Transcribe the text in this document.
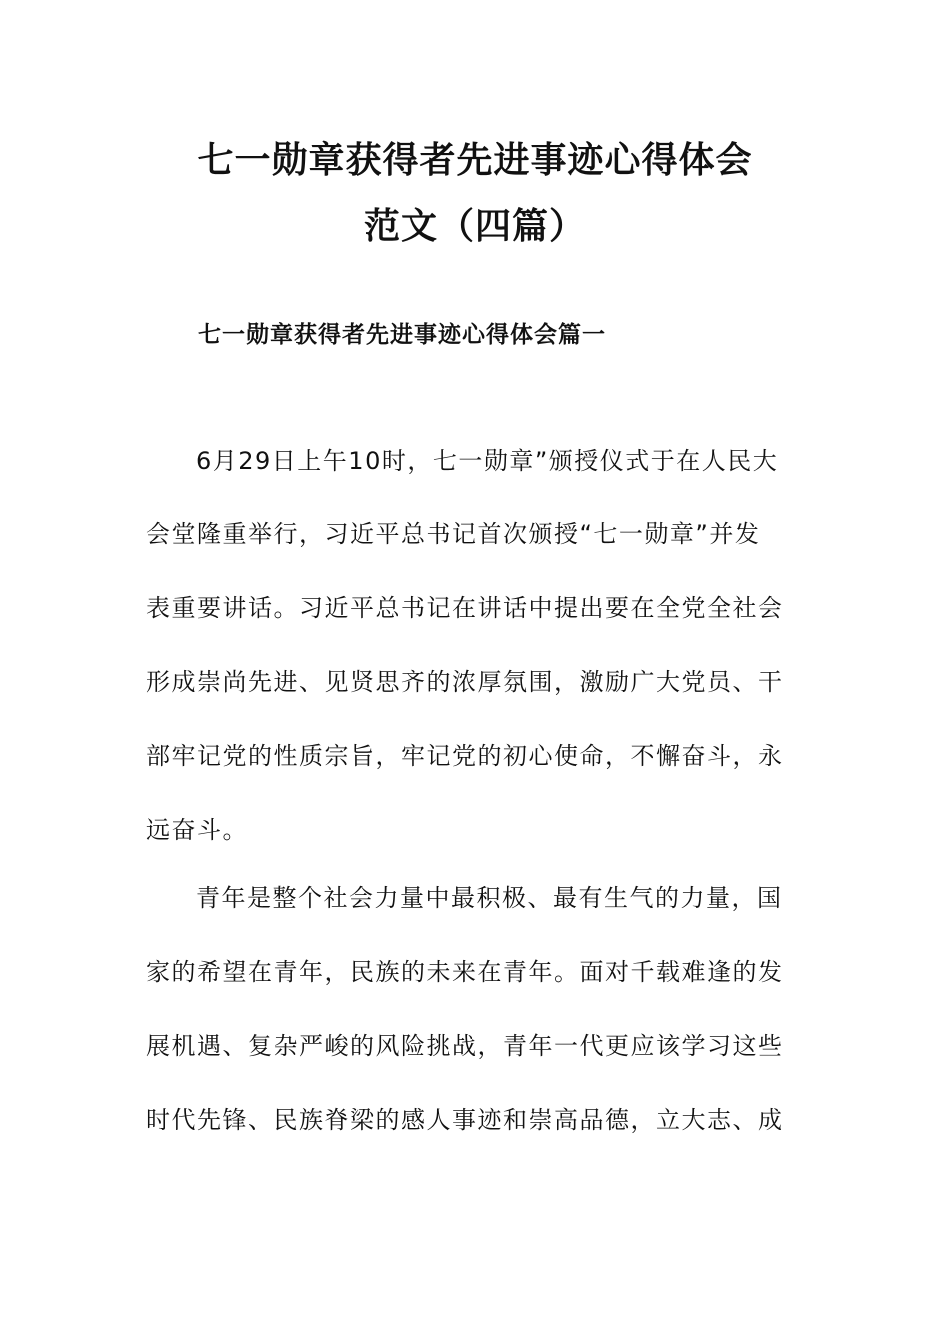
七一勋章获得者先进事迹心得体会
范文（四篇）
七一勋章获得者先进事迹心得体会篇一
6月29日上午10时，七一勋章”颁授仪式于在人民大
会堂隆重举行，习近平总书记首次颁授“七一勋章”并发
表重要讲话。习近平总书记在讲话中提出要在全党全社会
形成崇尚先进、见贤思齐的浓厚氛围，激励广大党员、干
部牢记党的性质宗旨，牢记党的初心使命，不懈奋斗，永
远奋斗。
青年是整个社会力量中最积极、最有生气的力量，国
家的希望在青年，民族的未来在青年。面对千载难逢的发
展机遇、复杂严峻的风险挑战，青年一代更应该学习这些
时代先锋、民族脊梁的感人事迹和崇高品德，立大志、成
